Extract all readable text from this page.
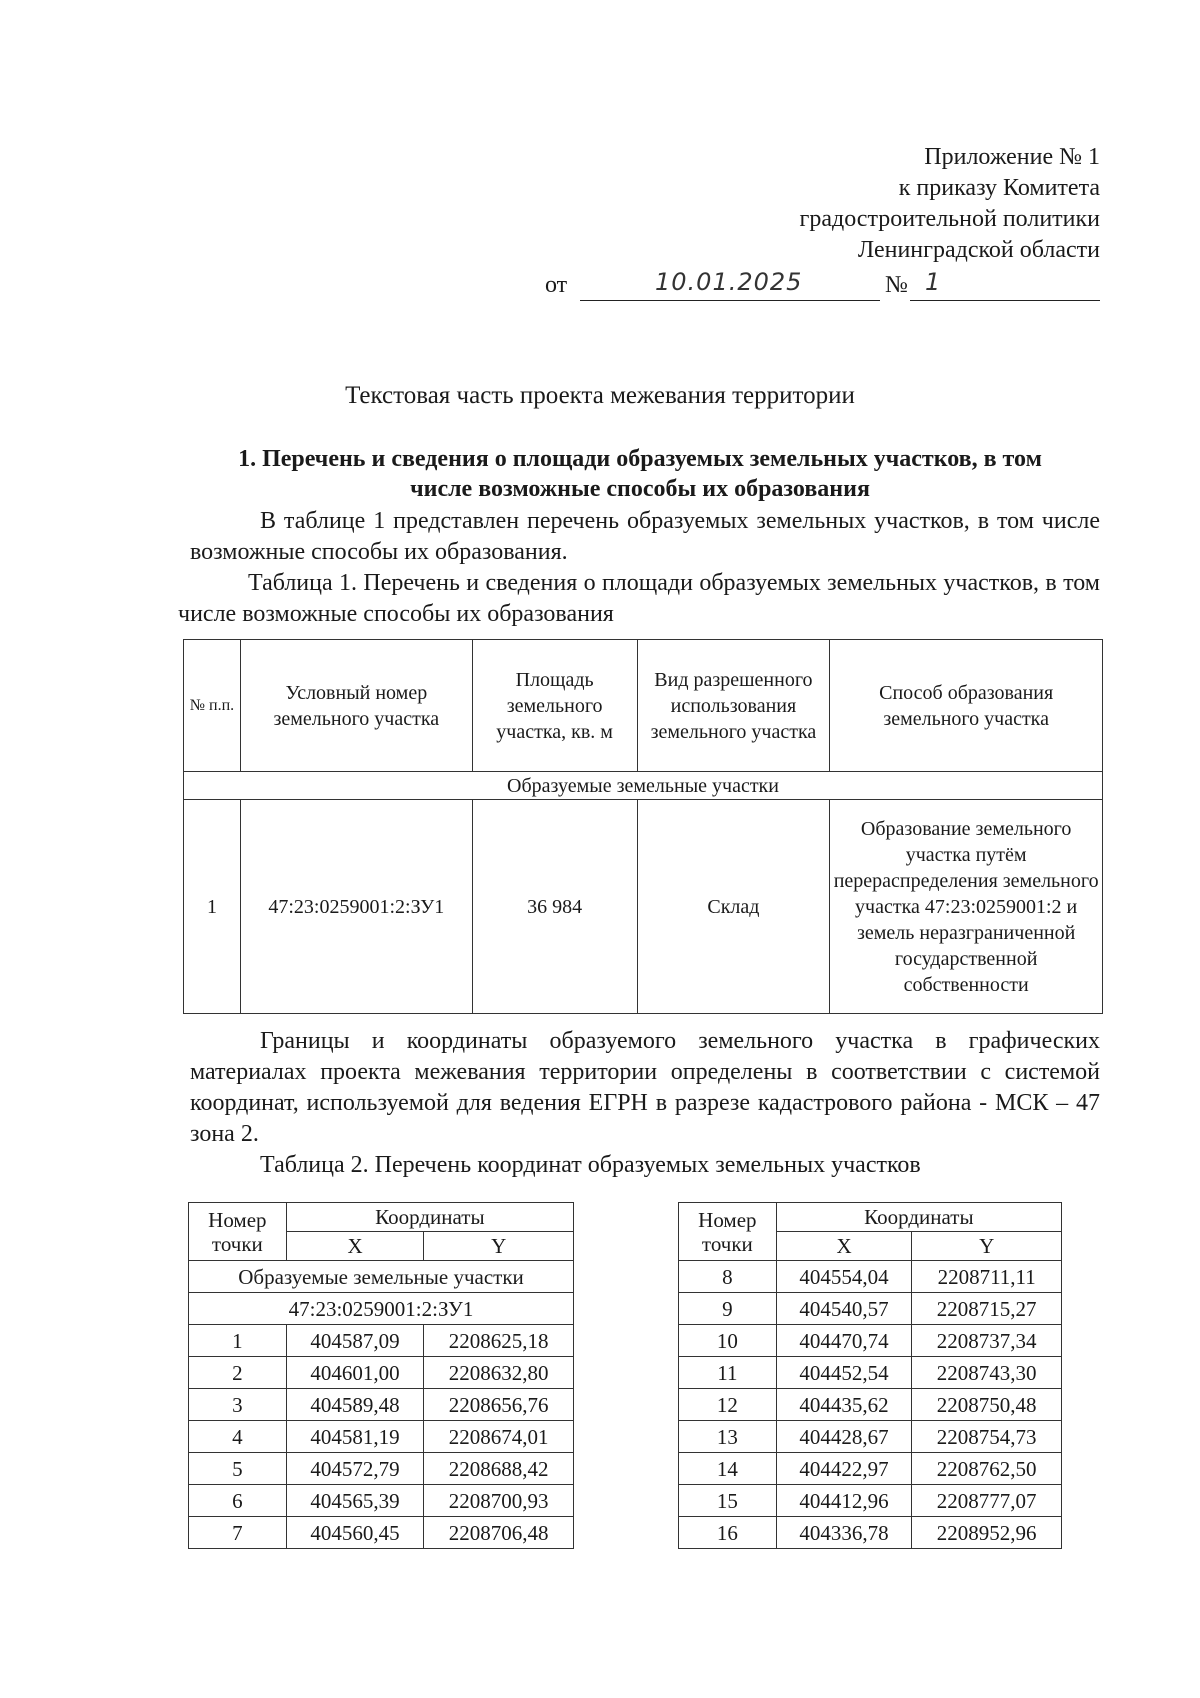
Приложение № 1
к приказу Комитета
градостроительной политики
Ленинградской области
от	10.01.2025	№ 1
Текстовая часть проекта межевания территории
1. Перечень и сведения о площади образуемых земельных участков, в том
числе возможные способы их образования
В таблице 1 представлен перечень образуемых земельных участков, в том числе возможные способы их образования.
Таблица 1. Перечень и сведения о площади образуемых земельных участков, в том числе возможные способы их образования
№ п.п.	Условный номер земельного участка	Площадь земельного участка, кв. м	Вид разрешенного использования земельного участка	Способ образования земельного участка
Образуемые земельные участки				
1	47:23:0259001:2:ЗУ1	36 984	Склад	Образование земельного участка путём перераспределения земельного участка 47:23:0259001:2 и земель неразграниченной государственной собственности
Границы и координаты образуемого земельного участка в графических материалах проекта межевания территории определены в соответствии с системой координат, используемой для ведения ЕГРН в разрезе кадастрового района - МСК – 47 зона 2.
Таблица 2. Перечень координат образуемых земельных участков
Номер точки	Координаты	
	X	Y
Образуемые земельные участки		
47:23:0259001:2:ЗУ1		
1	404587,09	2208625,18
2	404601,00	2208632,80
3	404589,48	2208656,76
4	404581,19	2208674,01
5	404572,79	2208688,42
6	404565,39	2208700,93
7	404560,45	2208706,48
Номер точки	Координаты	
	X	Y
8	404554,04	2208711,11
9	404540,57	2208715,27
10	404470,74	2208737,34
11	404452,54	2208743,30
12	404435,62	2208750,48
13	404428,67	2208754,73
14	404422,97	2208762,50
15	404412,96	2208777,07
16	404336,78	2208952,96
